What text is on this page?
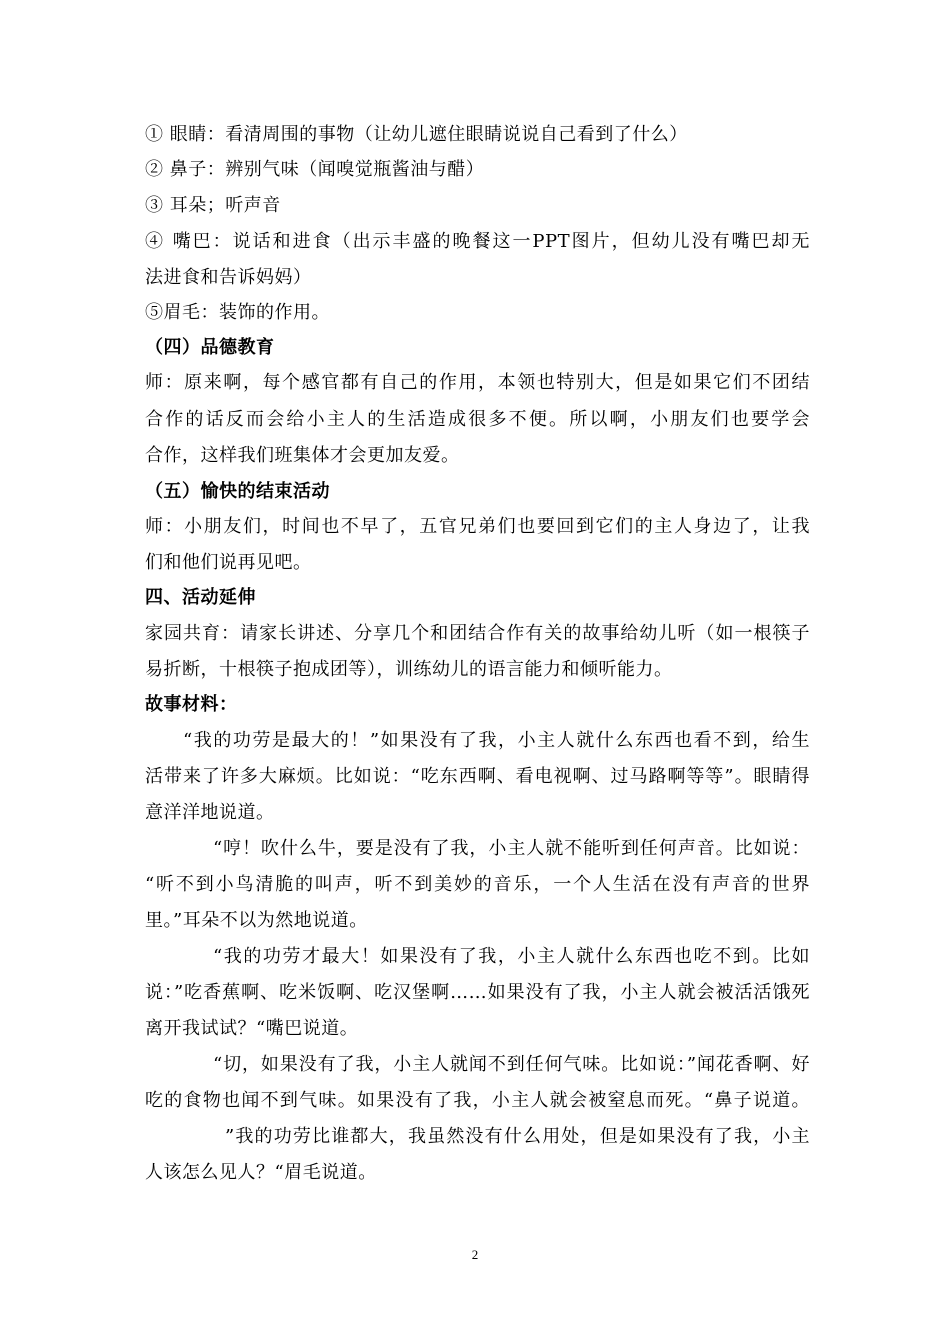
① 眼睛：看清周围的事物（让幼儿遮住眼睛说说自己看到了什么）
② 鼻子：辨别气味（闻嗅觉瓶酱油与醋）
③ 耳朵；听声音
④ 嘴巴：说话和进食（出示丰盛的晚餐这一PPT图片，但幼儿没有嘴巴却无
法进食和告诉妈妈）
⑤眉毛：装饰的作用。
（四）品德教育
师：原来啊，每个感官都有自己的作用，本领也特别大，但是如果它们不团结
合作的话反而会给小主人的生活造成很多不便。所以啊，小朋友们也要学会
合作，这样我们班集体才会更加友爱。
（五）愉快的结束活动
师：小朋友们，时间也不早了，五官兄弟们也要回到它们的主人身边了，让我
们和他们说再见吧。
四、活动延伸
家园共育：请家长讲述、分享几个和团结合作有关的故事给幼儿听（如一根筷子
易折断，十根筷子抱成团等），训练幼儿的语言能力和倾听能力。
故事材料：
“我的功劳是最大的！”如果没有了我，小主人就什么东西也看不到，给生
活带来了许多大麻烦。比如说：“吃东西啊、看电视啊、过马路啊等等”。眼睛得
意洋洋地说道。
“哼！吹什么牛，要是没有了我，小主人就不能听到任何声音。比如说：
“听不到小鸟清脆的叫声，听不到美妙的音乐，一个人生活在没有声音的世界
里。”耳朵不以为然地说道。
“我的功劳才最大！如果没有了我，小主人就什么东西也吃不到。比如
说：”吃香蕉啊、吃米饭啊、吃汉堡啊……如果没有了我，小主人就会被活活饿死
离开我试试？“嘴巴说道。
“切，如果没有了我，小主人就闻不到任何气味。比如说：”闻花香啊、好
吃的食物也闻不到气味。如果没有了我，小主人就会被窒息而死。“鼻子说道。
”我的功劳比谁都大，我虽然没有什么用处，但是如果没有了我，小主
人该怎么见人？“眉毛说道。
2
